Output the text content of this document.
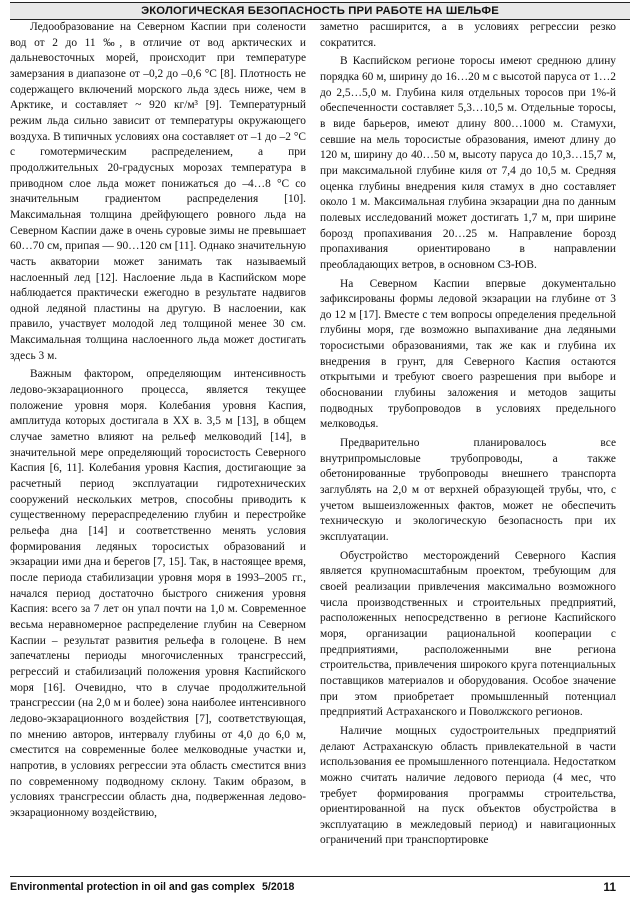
ЭКОЛОГИЧЕСКАЯ БЕЗОПАСНОСТЬ ПРИ РАБОТЕ НА ШЕЛЬФЕ

Ледообразование на Северном Каспии при солености вод от 2 до 11 ‰, в отличие от вод арктических и дальневосточных морей, происходит при температуре замерзания в диапазоне от –0,2 до –0,6 °С [8]. Плотность не содержащего включений морского льда здесь ниже, чем в Арктике, и составляет ~ 920 кг/м³ [9]. Температурный режим льда сильно зависит от температуры окружающего воздуха. В типичных условиях она составляет от –1 до –2 °С с гомотермическим распределением, а при продолжительных 20-градусных морозах температура в приводном слое льда может понижаться до –4…8 °С со значительным градиентом распределения [10]. Максимальная толщина дрейфующего ровного льда на Северном Каспии даже в очень суровые зимы не превышает 60…70 см, припая — 90…120 см [11]. Однако значительную часть акватории может занимать так называемый наслоенный лед [12]. Наслоение льда в Каспийском море наблюдается практически ежегодно в результате надвигов одной ледяной пластины на другую. В наслоении, как правило, участвует молодой лед толщиной менее 30 см. Максимальная толщина наслоенного льда может достигать здесь 3 м.

Важным фактором, определяющим интенсивность ледово-экзарационного процесса, является текущее положение уровня моря. Колебания уровня Каспия, амплитуда которых достигала в XX в. 3,5 м [13], в общем случае заметно влияют на рельеф мелководий [14], в значительной мере определяющий торосистость Северного Каспия [6, 11]. Колебания уровня Каспия, достигающие за расчетный период эксплуатации гидротехнических сооружений нескольких метров, способны приводить к существенному перераспределению глубин и перестройке рельефа дна [14] и соответственно менять условия формирования ледяных торосистых образований и экзарации ими дна и берегов [7, 15]. Так, в настоящее время, после периода стабилизации уровня моря в 1993–2005 гг., начался период достаточно быстрого снижения уровня Каспия: всего за 7 лет он упал почти на 1,0 м. Современное весьма неравномерное распределение глубин на Северном Каспии – результат развития рельефа в голоцене. В нем запечатлены периоды многочисленных трансгрессий, регрессий и стабилизаций положения уровня Каспийского моря [16]. Очевидно, что в случае продолжительной трансгрессии (на 2,0 м и более) зона наиболее интенсивного ледово-экзарационного воздействия [7], соответствующая, по мнению авторов, интервалу глубины от 4,0 до 6,0 м, сместится на современные более мелководные участки и, напротив, в условиях регрессии эта область сместится вниз по современному подводному склону. Таким образом, в условиях трансгрессии область дна, подверженная ледово-экзарационному воздействию,

заметно расширится, а в условиях регрессии резко сократится.

В Каспийском регионе торосы имеют среднюю длину порядка 60 м, ширину до 16…20 м с высотой паруса от 1…2 до 2,5…5,0 м. Глубина киля отдельных торосов при 1%-й обеспеченности составляет 5,3…10,5 м. Отдельные торосы, в виде барьеров, имеют длину 800…1000 м. Стамухи, севшие на мель торосистые образования, имеют длину до 120 м, ширину до 40…50 м, высоту паруса до 10,3…15,7 м, при максимальной глубине киля от 7,4 до 10,5 м. Средняя оценка глубины внедрения киля стамух в дно составляет около 1 м. Максимальная глубина экзарации дна по данным полевых исследований может достигать 1,7 м, при ширине борозд пропахивания 20…25 м. Направление борозд пропахивания ориентировано в направлении преобладающих ветров, в основном СЗ-ЮВ.

На Северном Каспии впервые документально зафиксированы формы ледовой экзарации на глубине от 3 до 12 м [17]. Вместе с тем вопросы определения предельной глубины моря, где возможно выпахивание дна ледяными торосистыми образованиями, так же как и глубина их внедрения в грунт, для Северного Каспия остаются открытыми и требуют своего разрешения при выборе и обосновании глубины заложения и методов защиты подводных трубопроводов в условиях предельного мелководья.

Предварительно планировалось все внутрипромысловые трубопроводы, а также обетонированные трубопроводы внешнего транспорта заглублять на 2,0 м от верхней образующей трубы, что, с учетом вышеизложенных фактов, может не обеспечить техническую и экологическую безопасность при их эксплуатации.

Обустройство месторождений Северного Каспия является крупномасштабным проектом, требующим для своей реализации привлечения максимально возможного числа производственных и строительных предприятий, расположенных непосредственно в регионе Каспийского моря, организации рациональной кооперации с предприятиями, расположенными вне региона строительства, привлечения широкого круга потенциальных поставщиков материалов и оборудования. Особое значение при этом приобретает промышленный потенциал предприятий Астраханского и Поволжского регионов.

Наличие мощных судостроительных предприятий делают Астраханскую область привлекательной в части использования ее промышленного потенциала. Недостатком можно считать наличие ледового периода (4 мес, что требует формирования программы строительства, ориентированной на пуск объектов обустройства в эксплуатацию в межледовый период) и навигационных ограничений при транспортировке

Environmental protection in oil and gas complex 5/2018	11
